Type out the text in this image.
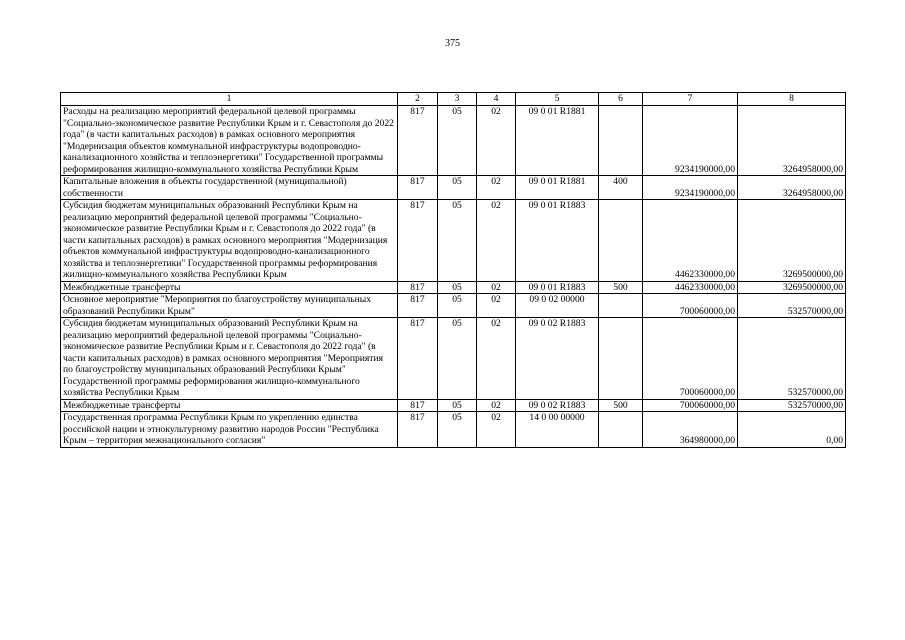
375
1	2	3	4	5	6	7	8
Расходы на реализацию мероприятий федеральной целевой программы "Социально-экономическое развитие Республики Крым и г. Севастополя до 2022 года" (в части капитальных расходов) в рамках основного мероприятия "Модернизация объектов коммунальной инфраструктуры водопроводно-канализационного хозяйства и теплоэнергетики" Государственной программы реформирования жилищно-коммунального хозяйства Республики Крым	817	05	02	09 0 01 R1881		9234190000,00	3264958000,00
Капитальные вложения в объекты государственной (муниципальной) собственности	817	05	02	09 0 01 R1881	400	9234190000,00	3264958000,00
Субсидия бюджетам муниципальных образований Республики Крым на реализацию мероприятий федеральной целевой программы "Социально-экономическое развитие Республики Крым и г. Севастополя до 2022 года" (в части капитальных расходов) в рамках основного мероприятия "Модернизация объектов коммунальной инфраструктуры водопроводно-канализационного хозяйства и теплоэнергетики" Государственной программы реформирования жилищно-коммунального хозяйства Республики Крым	817	05	02	09 0 01 R1883		4462330000,00	3269500000,00
Межбюджетные трансферты	817	05	02	09 0 01 R1883	500	4462330000,00	3269500000,00
Основное мероприятие "Мероприятия по благоустройству муниципальных образований Республики Крым"	817	05	02	09 0 02 00000		700060000,00	532570000,00
Субсидия бюджетам муниципальных образований Республики Крым на реализацию мероприятий федеральной целевой программы "Социально-экономическое развитие Республики Крым и г. Севастополя до 2022 года" (в части капитальных расходов) в рамках основного мероприятия "Мероприятия по благоустройству муниципальных образований Республики Крым" Государственной программы реформирования жилищно-коммунального хозяйства Республики Крым	817	05	02	09 0 02 R1883		700060000,00	532570000,00
Межбюджетные трансферты	817	05	02	09 0 02 R1883	500	700060000,00	532570000,00
Государственная программа Республики Крым по укреплению единства российской нации и этнокультурному развитию народов России "Республика Крым – территория межнационального согласия"	817	05	02	14 0 00 00000		364980000,00	0,00
